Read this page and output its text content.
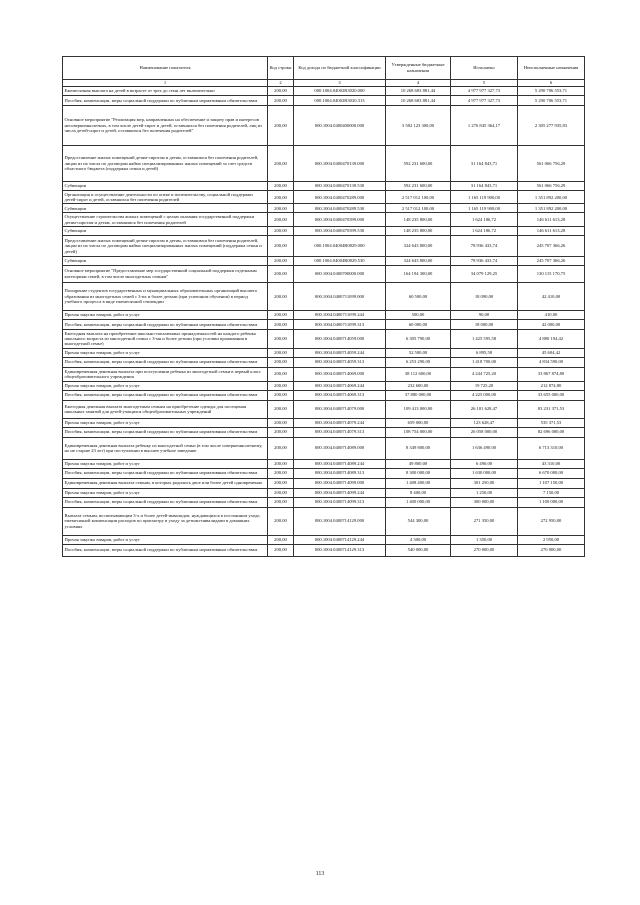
Наименование показателя	Код строки	Код дохода по бюджетной классификации	Утвержденные бюджетные назначения	Исполнено	Неисполненные назначения
1	2	3	4	5	6
Ежемесячная выплата на детей в возрасте от трех до семи лет включительно	200,00	000.1004.04002R3020.000	10 268 683 881,44	4 977 977 327,73	5 290 706 553,71
Пособия, компенсации, меры социальной поддержки по публичным нормативным обязательствам	200,00	000.1004.04002R3020.313	10 268 683 881,44	4 977 977 327,73	5 290 706 553,71
Основное мероприятие "Реализация мер, направленных на обеспечение и защиту прав и интересов несовершеннолетних, в том числе детей-сирот и детей, оставшихся без попечения родителей, лиц из числа детей-сирот и детей, оставшихся без попечения родителей"	200,00	000.1004.0400400000.000	3 582 123 300,00	1 276 845 364,17	2 305 277 935,83
Предоставление жилых помещений детям-сиротам и детям, оставшимся без попечения родителей, лицам из их числа по договорам найма специализированных жилых помещений за счет средств областного бюджета (поддержка семьи и детей)	200,00	000.1004.0400470139.000	592 231 600,00	31 164 843,71	561 066 756,29
Субвенции	200,00	000.1004.0400470139.530	592 231 600,00	31 164 843,71	561 066 756,29
Организация и осуществление деятельности по опеке и попечительству, социальной поддержки детей-сирот и детей, оставшихся без попечения родителей	200,00	000.1004.0400470289.000	2 517 012 100,00	1 165 119 900,00	1 351 892 200,00
Субвенции	200,00	000.1004.0400470289.530	2 517 012 100,00	1 165 119 900,00	1 351 892 200,00
Осуществление строительства жилых помещений с целью оказания государственной поддержки детям-сиротам и детям, оставшимся без попечения родителей	200,00	000.1004.0400470399.000	148 235 800,00	1 624 186,72	146 611 613,28
Субвенции	200,00	000.1004.0400470399.530	148 235 800,00	1 624 186,72	146 611 613,28
Предоставление жилых помещений детям-сиротам и детям, оставшимся без попечения родителей, лицам из их числа по договорам найма специализированных жилых помещений (поддержка семьи и детей)	200,00	000.1004.04004R0829.000	324 643 800,00	78 936 433,74	245 707 366,26
Субвенции	200,00	000.1004.04004R0829.530	324 643 800,00	78 936 433,74	245 707 366,26
Основное мероприятие "Предоставление мер государственной социальной поддержки отдельным категориям семей, в том числе многодетных семьям"	200,00	000.1004.0400700000.000	164 194 300,00	34 079 129,25	130 115 170,75
Поощрение студентов государственных и муниципальных образовательных организаций высшего образования из многодетных семей с 3-их и более детьми (при успешном обучении) в период учебного процесса в виде ежемесячной стипендии	200,00	000.1004.0400711099.000	60 500,00	18 090,00	42 410,00
Прочая закупка товаров, работ и услуг	200,00	000.1004.0400711099.244	500,00	90,00	410,00
Пособия, компенсации, меры социальной поддержки по публичным нормативным обязательствам	200,00	000.1004.0400711099.313	60 000,00	18 000,00	42 000,00
Ежегодная выплата на приобретение школьно-письменных принадлежностей на каждого ребенка школьного возраста из многодетной семьи с 3-мя и более детьми (при условии проживания в многодетной семье)	200,00	000.1004.0400714059.000	6 305 790,00	1 425 595,58	4 880 194,42
Прочая закупка товаров, работ и услуг	200,00	000.1004.0400714059.244	52 500,00	6 895,58	45 604,42
Пособия, компенсации, меры социальной поддержки по публичным нормативным обязательствам	200,00	000.1004.0400714059.313	6 253 290,00	1 418 700,00	4 834 590,00
Единовременная денежная выплата при поступлении ребенка из многодетной семьи в первый класс общеобразовательного учреждения	200,00	000.1004.0400714069.000	38 112 600,00	4 244 725,20	33 867 874,80
Прочая закупка товаров, работ и услуг	200,00	000.1004.0400714069.244	232 600,00	19 725,20	212 874,80
Пособия, компенсации, меры социальной поддержки по публичным нормативным обязательствам	200,00	000.1004.0400714069.313	37 880 000,00	4 225 000,00	33 655 000,00
Ежегодная денежная выплата многодетным семьям на приобретение одежды для посещения школьных занятий для детей-учащихся общеобразовательных учреждений	200,00	000.1004.0400714079.000	109 413 000,00	26 181 628,47	83 231 371,53
Прочая закупка товаров, работ и услуг	200,00	000.1004.0400714079.244	659 000,00	123 628,47	535 371,53
Пособия, компенсации, меры социальной поддержки по публичным нормативным обязательствам	200,00	000.1004.0400714079.313	108 754 000,00	26 058 000,00	82 696 000,00
Единовременная денежная выплата ребенку из многодетной семьи (в том числе совершеннолетнему, но не старше 23 лет) при поступлении в высшее учебное заведение	200,00	000.1004.0400714089.000	8 349 800,00	1 636 490,00	6 713 310,00
Прочая закупка товаров, работ и услуг	200,00	000.1004.0400714089.244	49 800,00	6 490,00	43 310,00
Пособия, компенсации, меры социальной поддержки по публичным нормативным обязательствам	200,00	000.1004.0400714089.313	8 300 000,00	1 630 000,00	6 670 000,00
Единовременная денежная выплата семьям, в которых родились двое или более детей одновременно	200,00	000.1004.0400714099.000	1 408 400,00	301 250,00	1 107 150,00
Прочая закупка товаров, работ и услуг	200,00	000.1004.0400714099.244	8 400,00	1 250,00	7 150,00
Пособия, компенсации, меры социальной поддержки по публичным нормативным обязательствам	200,00	000.1004.0400714099.313	1 400 000,00	300 000,00	1 100 000,00
Выплата семьям, воспитывающим 3-х и более детей-инвалидов, нуждающихся в постоянном уходе, ежемесячной компенсации расходов по присмотру и уходу за детьми-инвалидами в домашних условиях	200,00	000.1004.0400714129.000	544 300,00	271 350,00	272 950,00
Прочая закупка товаров, работ и услуг	200,00	000.1004.0400714129.244	4 300,00	1 350,00	2 950,00
Пособия, компенсации, меры социальной поддержки по публичным нормативным обязательствам	200,00	000.1004.0400714129.313	540 000,00	270 000,00	270 000,00
113
